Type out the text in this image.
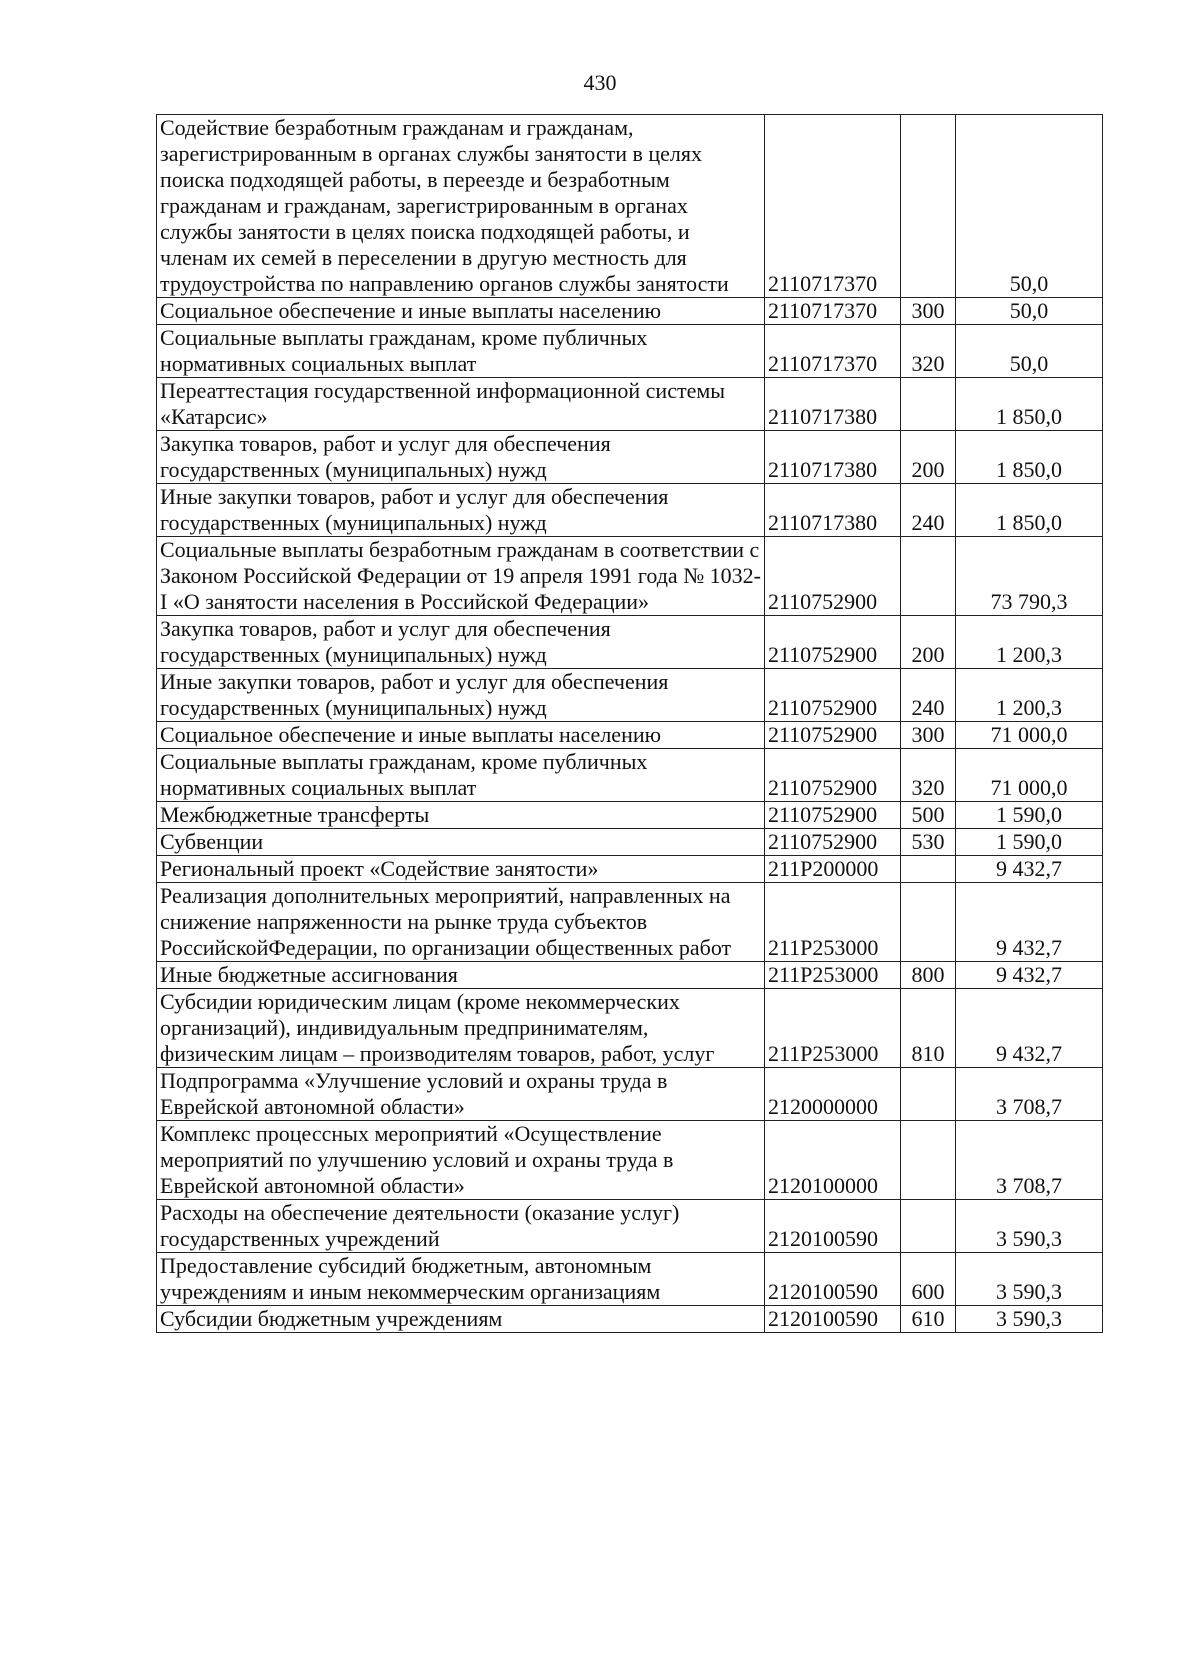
430
Содействие безработным гражданам и гражданам, зарегистрированным в органах службы занятости в целях поиска подходящей работы, в переезде и безработным гражданам и гражданам, зарегистрированным в органах службы занятости в целях поиска подходящей работы, и членам их семей в переселении в другую местность для трудоустройства по направлению органов службы занятости	2110717370		50,0
Социальное обеспечение и иные выплаты населению	2110717370	300	50,0
Социальные выплаты гражданам, кроме публичных нормативных социальных выплат	2110717370	320	50,0
Переаттестация государственной информационной системы «Катарсис»	2110717380		1 850,0
Закупка товаров, работ и услуг для обеспечения государственных (муниципальных) нужд	2110717380	200	1 850,0
Иные закупки товаров, работ и услуг для обеспечения государственных (муниципальных) нужд	2110717380	240	1 850,0
Социальные выплаты безработным гражданам в соответствии с Законом Российской Федерации от 19 апреля 1991 года № 1032-I «О занятости населения в Российской Федерации»	2110752900		73 790,3
Закупка товаров, работ и услуг для обеспечения государственных (муниципальных) нужд	2110752900	200	1 200,3
Иные закупки товаров, работ и услуг для обеспечения государственных (муниципальных) нужд	2110752900	240	1 200,3
Социальное обеспечение и иные выплаты населению	2110752900	300	71 000,0
Социальные выплаты гражданам, кроме публичных нормативных социальных выплат	2110752900	320	71 000,0
Межбюджетные трансферты	2110752900	500	1 590,0
Субвенции	2110752900	530	1 590,0
Региональный проект «Содействие занятости»	211P200000		9 432,7
Реализация дополнительных мероприятий, направленных на снижение напряженности на рынке труда субъектов РоссийскойФедерации, по организации общественных работ	211P253000		9 432,7
Иные бюджетные ассигнования	211P253000	800	9 432,7
Субсидии юридическим лицам (кроме некоммерческих организаций), индивидуальным предпринимателям, физическим лицам – производителям товаров, работ, услуг	211P253000	810	9 432,7
Подпрограмма «Улучшение условий и охраны труда в Еврейской автономной области»	2120000000		3 708,7
Комплекс процессных мероприятий «Осуществление мероприятий по улучшению условий и охраны труда в Еврейской автономной области»	2120100000		3 708,7
Расходы на обеспечение деятельности (оказание услуг) государственных учреждений	2120100590		3 590,3
Предоставление субсидий бюджетным, автономным учреждениям и иным некоммерческим организациям	2120100590	600	3 590,3
Субсидии бюджетным учреждениям	2120100590	610	3 590,3
